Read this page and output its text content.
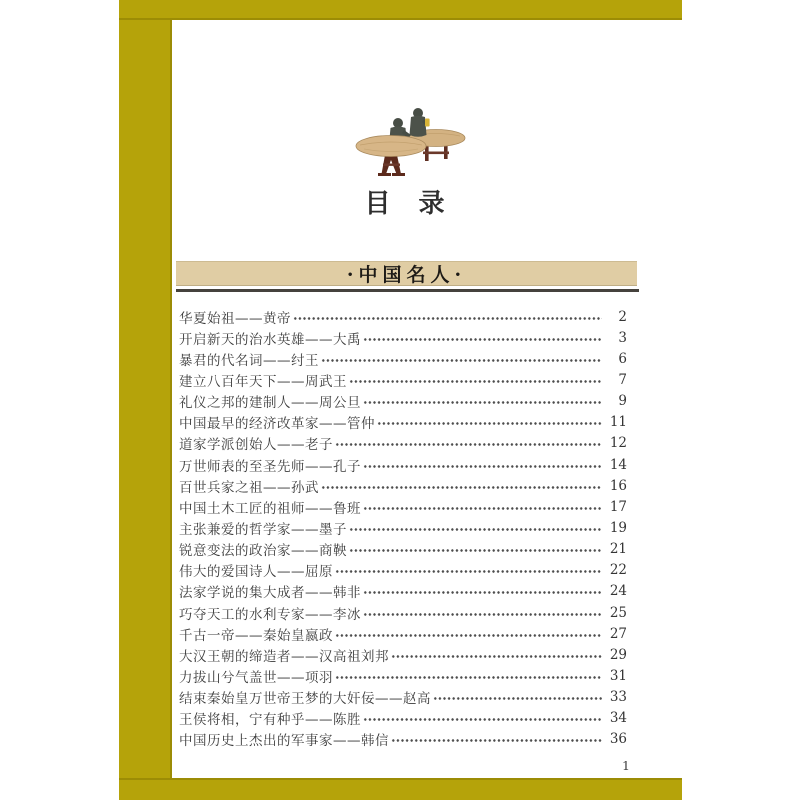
目　录
·中国名人·
华夏始祖——黄帝	2
开启新天的治水英雄——大禹	3
暴君的代名词——纣王	6
建立八百年天下——周武王	7
礼仪之邦的建制人——周公旦	9
中国最早的经济改革家——管仲	11
道家学派创始人——老子	12
万世师表的至圣先师——孔子	14
百世兵家之祖——孙武	16
中国土木工匠的祖师——鲁班	17
主张兼爱的哲学家——墨子	19
锐意变法的政治家——商鞅	21
伟大的爱国诗人——屈原	22
法家学说的集大成者——韩非	24
巧夺天工的水利专家——李冰	25
千古一帝——秦始皇嬴政	27
大汉王朝的缔造者——汉高祖刘邦	29
力拔山兮气盖世——项羽	31
结束秦始皇万世帝王梦的大奸佞——赵高	33
王侯将相，宁有种乎——陈胜	34
中国历史上杰出的军事家——韩信	36
1
